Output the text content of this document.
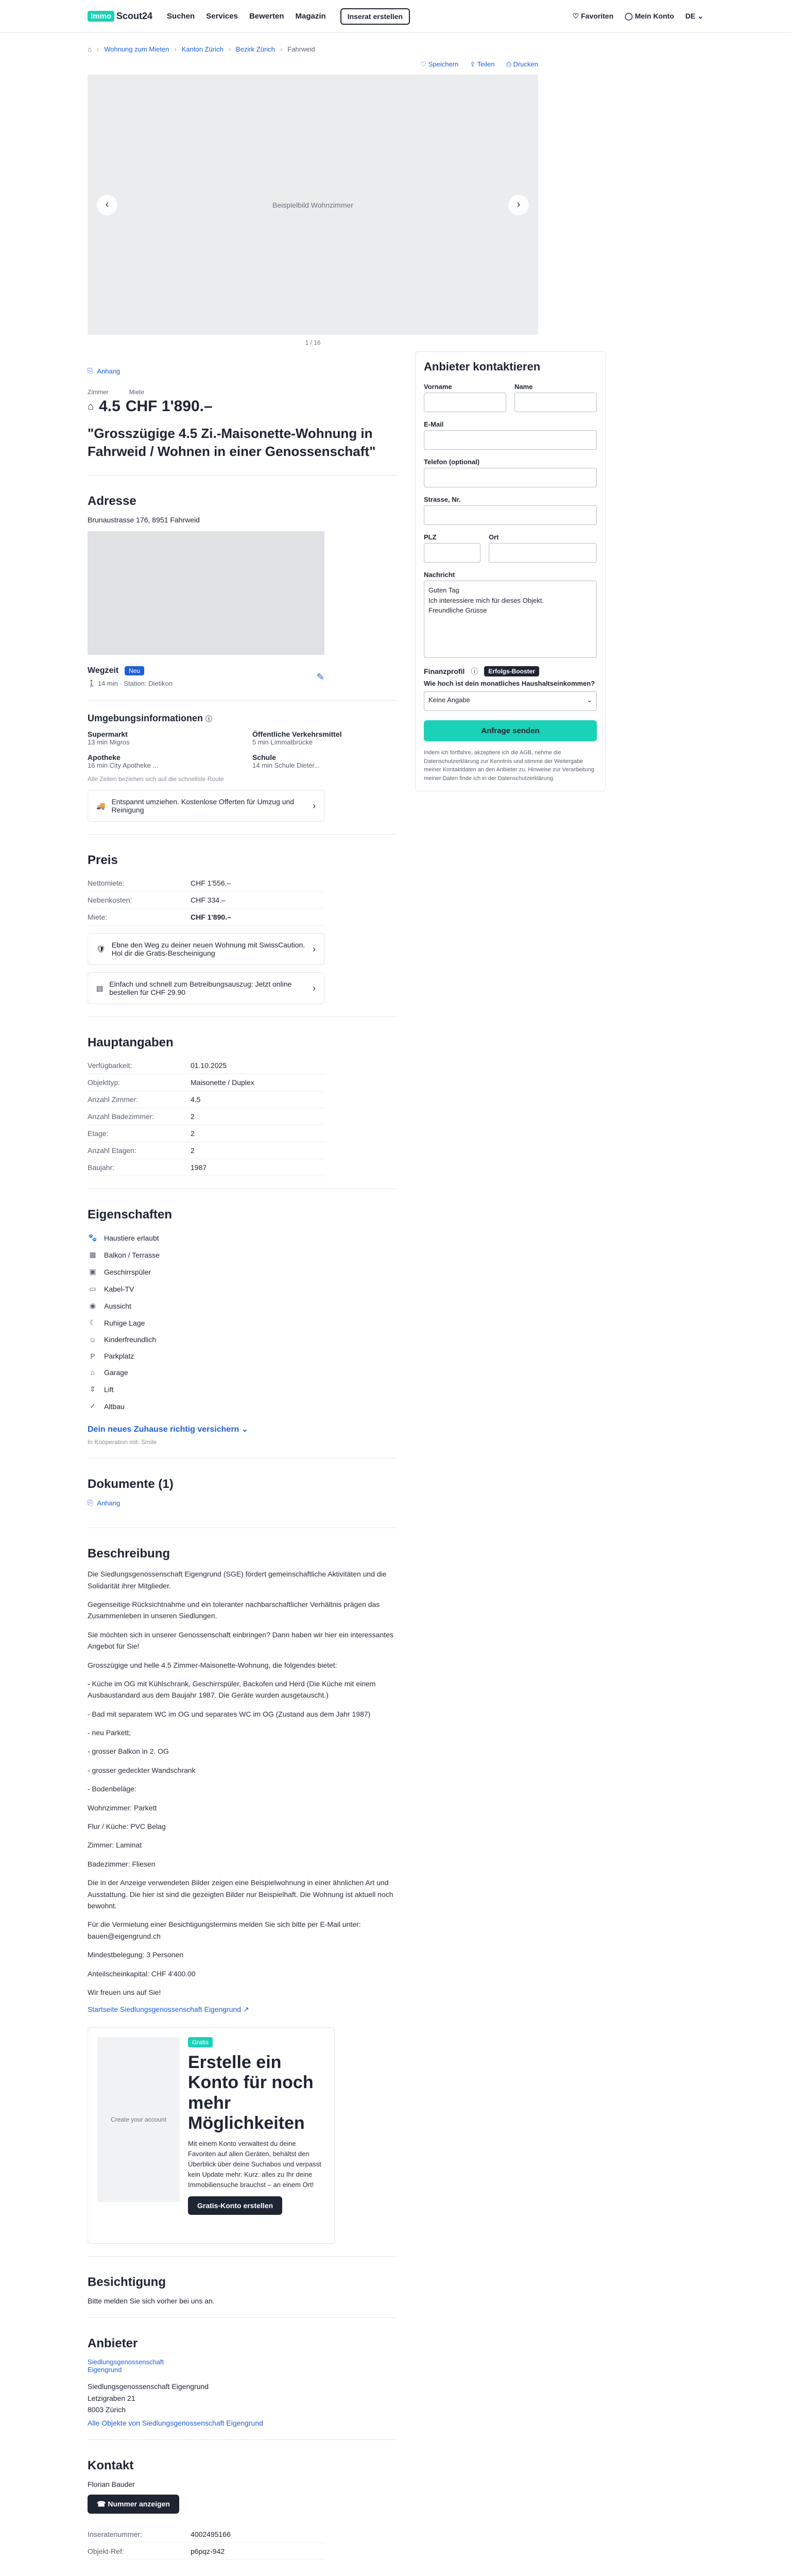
Immo Scout24 Suchen Services Bewerten Magazin	Inserat erstellen	♡ Favoriten ◯ Mein Konto DE ⌄
⌂ › Wohnung zum Mieten › Kanton Zürich › Bezirk Zürich › Fahrweid
♡ Speichern ⇪ Teilen ⎙ Drucken
Beispielbild Wohnzimmer
‹	›
1 / 16
⎘ Anhang
Zimmer	Miete
⌂ 4.5 CHF 1'890.–
"Grosszügige 4.5 Zi.-Maisonette-Wohnung in Fahrweid / Wohnen in einer Genossenschaft"
Adresse
Brunaustrasse 176, 8951 Fahrweid
Wegzeit Neu
🚶 14 min · Station: Dietikon
✎
Umgebungsinformationen ⓘ
Supermarkt
13 min Migros
Öffentliche Verkehrsmittel
5 min Limmatbrücke
Apotheke
16 min City Apotheke ...
Schule
14 min Schule Dieter...
Alle Zeiten beziehen sich auf die schnellste Route
🚚 Entspannt umziehen. Kostenlose Offerten für Umzug und Reinigung	›
Preis
Nettomiete:	CHF 1'556.–
Nebenkosten:	CHF 334.–
Miete:	CHF 1'890.–
🛡 Ebne den Weg zu deiner neuen Wohnung mit SwissCaution. Hol dir die Gratis-Bescheinigung	›
▤ Einfach und schnell zum Betreibungsauszug: Jetzt online bestellen für CHF 29.90	›
Hauptangaben
Verfügbarkeit:	01.10.2025
Objekttyp:	Maisonette / Duplex
Anzahl Zimmer:	4.5
Anzahl Badezimmer:	2
Etage:	2
Anzahl Etagen:	2
Baujahr:	1987
Eigenschaften
🐾 Haustiere erlaubt
▦ Balkon / Terrasse
▣ Geschirrspüler
▭ Kabel-TV
◉ Aussicht
☾ Ruhige Lage
☺ Kinderfreundlich
P	Parkplatz
⌂	Garage
⇕ Lift
✓ Altbau
Dein neues Zuhause richtig versichern ⌄
In Kooperation mit: Smile
Dokumente (1)
⎘ Anhang
Beschreibung

Die Siedlungsgenossenschaft Eigengrund (SGE) fördert gemeinschaftliche Aktivitäten und die Solidarität ihrer Mitglieder.

Gegenseitige Rücksichtnahme und ein toleranter nachbarschaftlicher Verhältnis prägen das Zusammenleben in unseren Siedlungen.

Sie möchten sich in unserer Genossenschaft einbringen? Dann haben wir hier ein interessantes Angebot für Sie!

Grosszügige und helle 4.5 Zimmer-Maisonette-Wohnung, die folgendes bietet:

- Küche im OG mit Kühlschrank, Geschirrspüler, Backofen und Herd (Die Küche mit einem Ausbaustandard aus dem Baujahr 1987. Die Geräte wurden ausgetauscht.)

- Bad mit separatem WC im OG und separates WC im OG (Zustand aus dem Jahr 1987)

- neu Parkett;

- grosser Balkon in 2. OG

- grosser gedeckter Wandschrank

- Bodenbeläge:

Wohnzimmer: Parkett

Flur / Küche: PVC Belag

Zimmer: Laminat

Badezimmer: Fliesen

Die in der Anzeige verwendeten Bilder zeigen eine Beispielwohnung in einer ähnlichen Art und Ausstattung. Die hier ist sind die gezeigten Bilder nur Beispielhaft. Die Wohnung ist aktuell noch bewohnt.

Für die Vermietung einer Besichtigungstermins melden Sie sich bitte per E-Mail unter: bauen@eigengrund.ch

Mindestbelegung: 3 Personen

Anteilscheinkapital: CHF 4'400.00

Wir freuen uns auf Sie!

Startseite Siedlungsgenossenschaft Eigengrund ↗
Create your account
Gratis
Erstelle ein Konto für noch mehr Möglichkeiten
Mit einem Konto verwaltest du deine Favoriten auf allen Geräten, behältst den Überblick über deine Suchabos und verpasst kein Update mehr. Kurz: alles zu Ihr deine Immobiliensuche brauchst – an einem Ort!
Gratis-Konto erstellen
Besichtigung
Bitte melden Sie sich vorher bei uns an.
Anbieter
Siedlungsgenossenschaft Eigengrund
Siedlungsgenossenschaft Eigengrund
Letzigraben 21
8003 Zürich
Alle Objekte von Siedlungsgenossenschaft Eigengrund
Kontakt
Florian Bauder
☎ Nummer anzeigen
Inseratenummer:	4002495166
Objekt-Ref:	p6pqz-942
Anbieter kontaktieren
Vorname	Name
E-Mail
Telefon (optional)
Strasse, Nr.
PLZ	Ort
Nachricht
Guten Tag
Ich interessiere mich für dieses Objekt.
Freundliche Grüsse
Finanzprofil ⓘ	Erfolgs-Booster
Wie hoch ist dein monatliches Haushaltseinkommen?
Keine Angabe	⌄
Anfrage senden
Indem ich fortfahre, akzeptiere ich die AGB, nehme die Datenschutzerklärung zur Kenntnis und stimme der Weitergabe meiner Kontaktdaten an den Anbieter zu. Hinweise zur Verarbeitung meiner Daten finde ich in der Datenschutzerklärung.
